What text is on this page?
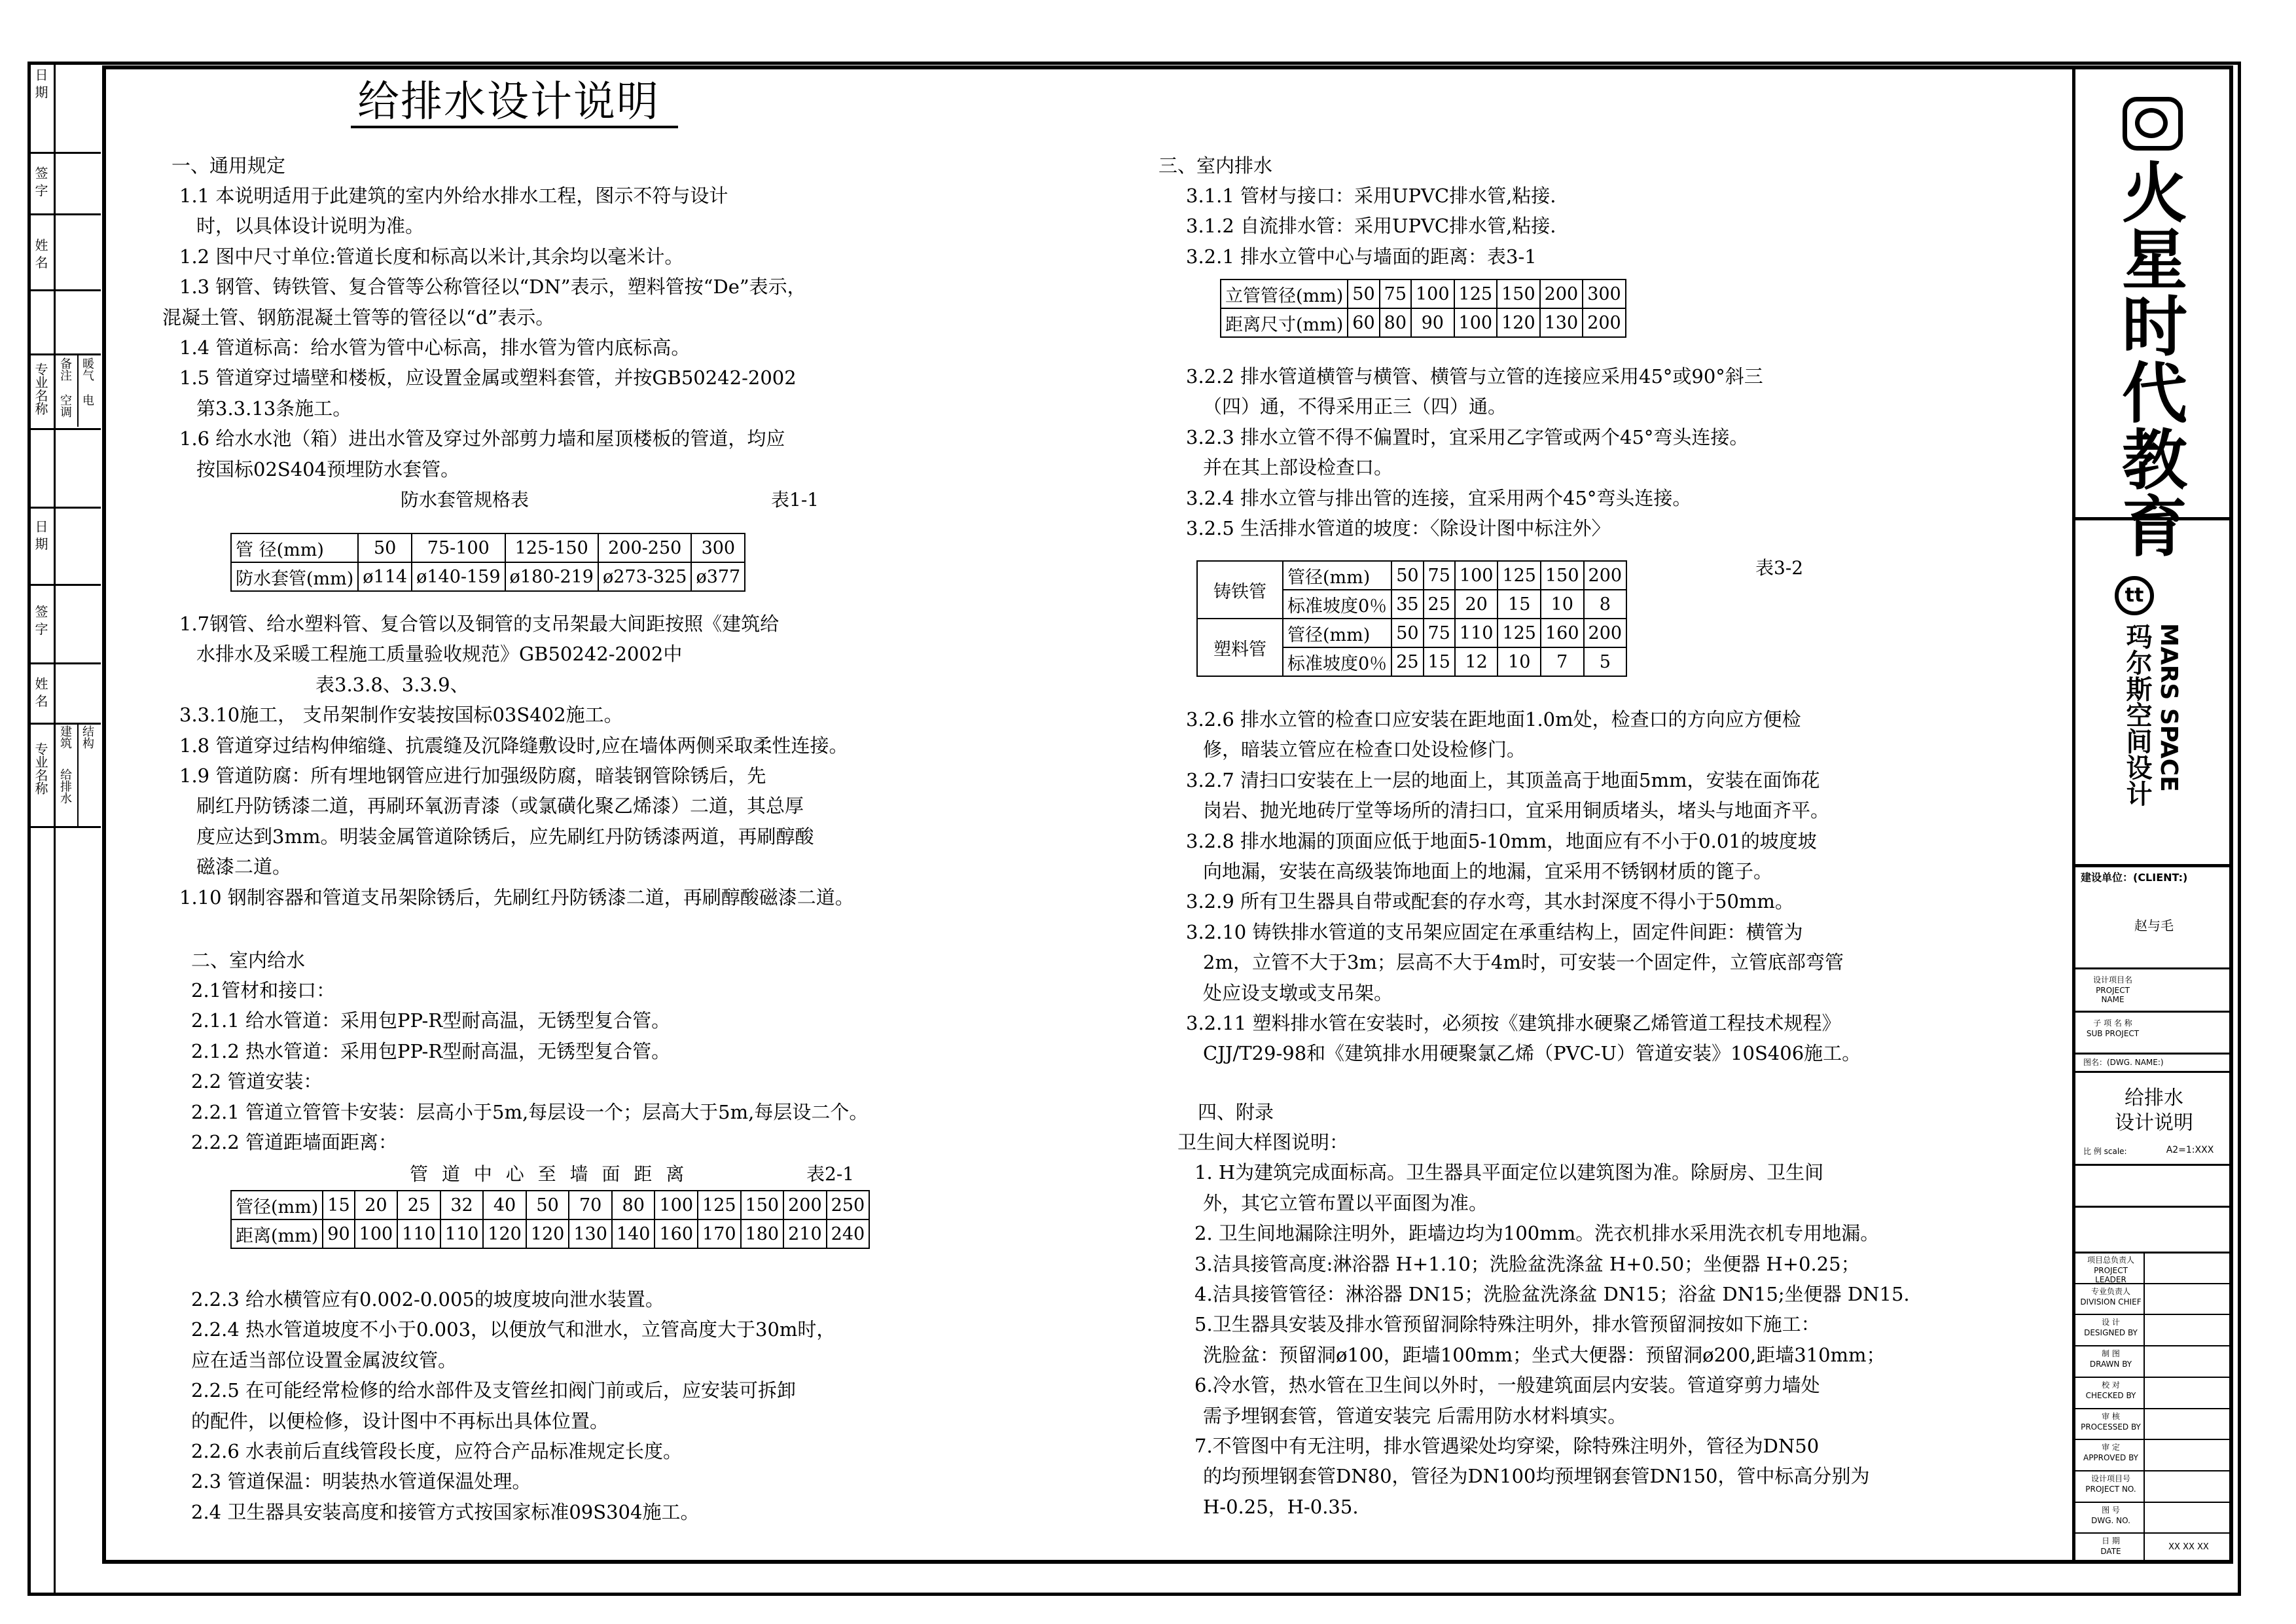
日 期
签 字
姓 名
专业名称 备注 暖气
空调 电
日 期
签 字
姓 名
专业名称
建筑 结构
给排水
给排水设计说明
一、通用规定
1.1 本说明适用于此建筑的室内外给水排水工程，图示不符与设计
时，以具体设计说明为准。
1.2 图中尺寸单位:管道长度和标高以米计,其余均以毫米计。
1.3 钢管、铸铁管、复合管等公称管径以“DN”表示，塑料管按“De”表示，
混凝土管、钢筋混凝土管等的管径以“d”表示。
1.4 管道标高：给水管为管中心标高，排水管为管内底标高。
1.5 管道穿过墙壁和楼板，应设置金属或塑料套管，并按GB50242-2002
第3.3.13条施工。
1.6 给水水池（箱）进出水管及穿过外部剪力墙和屋顶楼板的管道，均应
按国标02S404预埋防水套管。
防水套管规格表	表1-1
管 径(mm)	50	75-100	125-150	200-250	300
防水套管(mm)	ø114	ø140-159	ø180-219	ø273-325	ø377
1.7钢管、给水塑料管、复合管以及铜管的支吊架最大间距按照《建筑给
水排水及采暖工程施工质量验收规范》GB50242-2002中
表3.3.8、3.3.9、
3.3.10施工， 支吊架制作安装按国标03S402施工。
1.8 管道穿过结构伸缩缝、抗震缝及沉降缝敷设时,应在墙体两侧采取柔性连接。
1.9 管道防腐：所有埋地钢管应进行加强级防腐，暗装钢管除锈后，先
刷红丹防锈漆二道，再刷环氧沥青漆（或氯磺化聚乙烯漆）二道，其总厚
度应达到3mm。明装金属管道除锈后，应先刷红丹防锈漆两道，再刷醇酸
磁漆二道。
1.10 钢制容器和管道支吊架除锈后，先刷红丹防锈漆二道，再刷醇酸磁漆二道。
二、室内给水
2.1管材和接口：
2.1.1 给水管道：采用包PP-R型耐高温，无锈型复合管。
2.1.2 热水管道：采用包PP-R型耐高温，无锈型复合管。
2.2 管道安装：
2.2.1 管道立管管卡安装：层高小于5m,每层设一个；层高大于5m,每层设二个。
2.2.2 管道距墙面距离：
管 道 中 心 至 墙 面 距 离	表2-1
管径(mm)	15	20	25	32	40	50	70	80	100	125	150	200	250
距离(mm)	90	100	110	110	120	120	130	140	160	170	180	210	240
2.2.3 给水横管应有0.002-0.005的坡度坡向泄水装置。
2.2.4 热水管道坡度不小于0.003，以便放气和泄水，立管高度大于30m时，
应在适当部位设置金属波纹管。
2.2.5 在可能经常检修的给水部件及支管丝扣阀门前或后，应安装可拆卸
的配件，以便检修，设计图中不再标出具体位置。
2.2.6 水表前后直线管段长度，应符合产品标准规定长度。
2.3 管道保温：明装热水管道保温处理。
2.4 卫生器具安装高度和接管方式按国家标准09S304施工。
三、室内排水
3.1.1 管材与接口：采用UPVC排水管,粘接.
3.1.2 自流排水管：采用UPVC排水管,粘接.
3.2.1 排水立管中心与墙面的距离：表3-1
立管管径(mm)	50	75	100	125	150	200	300
距离尺寸(mm)	60	80	90	100	120	130	200
3.2.2 排水管道横管与横管、横管与立管的连接应采用45°或90°斜三
（四）通，不得采用正三（四）通。
3.2.3 排水立管不得不偏置时，宜采用乙字管或两个45°弯头连接。
并在其上部设检查口。
3.2.4 排水立管与排出管的连接，宜采用两个45°弯头连接。
3.2.5 生活排水管道的坡度：〈除设计图中标注外〉
铸铁管	管径(mm)	50	75	100	125	150	200
	标准坡度0％	35	25	20	15	10	8
塑料管	管径(mm)	50	75	110	125	160	200
	标准坡度0％	25	15	12	10	7	5
表3-2
3.2.6 排水立管的检查口应安装在距地面1.0m处，检查口的方向应方便检
修，暗装立管应在检查口处设检修门。
3.2.7 清扫口安装在上一层的地面上，其顶盖高于地面5mm，安装在面饰花
岗岩、抛光地砖厅堂等场所的清扫口，宜采用铜质堵头，堵头与地面齐平。
3.2.8 排水地漏的顶面应低于地面5-10mm，地面应有不小于0.01的坡度坡
向地漏，安装在高级装饰地面上的地漏，宜采用不锈钢材质的篦子。
3.2.9 所有卫生器具自带或配套的存水弯，其水封深度不得小于50mm。
3.2.10 铸铁排水管道的支吊架应固定在承重结构上，固定件间距：横管为
2m，立管不大于3m；层高不大于4m时，可安装一个固定件，立管底部弯管
处应设支墩或支吊架。
3.2.11 塑料排水管在安装时，必须按《建筑排水硬聚乙烯管道工程技术规程》
CJJ/T29-98和《建筑排水用硬聚氯乙烯（PVC-U）管道安装》10S406施工。
四、附录
卫生间大样图说明：
1. H为建筑完成面标高。卫生器具平面定位以建筑图为准。除厨房、卫生间
外，其它立管布置以平面图为准。
2. 卫生间地漏除注明外，距墙边均为100mm。洗衣机排水采用洗衣机专用地漏。
3.洁具接管高度:淋浴器 H+1.10；洗脸盆洗涤盆 H+0.50；坐便器 H+0.25；
4.洁具接管管径：淋浴器 DN15；洗脸盆洗涤盆 DN15；浴盆 DN15;坐便器 DN15.
5.卫生器具安装及排水管预留洞除特殊注明外，排水管预留洞按如下施工：
洗脸盆：预留洞ø100，距墙100mm；坐式大便器：预留洞ø200,距墙310mm；
6.冷水管，热水管在卫生间以外时，一般建筑面层内安装。管道穿剪力墙处
需予埋钢套管，管道安装完 后需用防水材料填实。
7.不管图中有无注明，排水管遇梁处均穿梁，除特殊注明外，管径为DN50
的均预埋钢套管DN80，管径为DN100均预埋钢套管DN150，管中标高分别为
H-0.25，H-0.35.
火星时代教育
tt
MARS SPACE
玛尔斯空间设计
建设单位：(CLIENT:)
赵与毛
设计项目名
PROJECT NAME
子 项 名 称
SUB PROJECT
图名：(DWG. NAME:)
给排水
设计说明
比 例 scale:	A2=1:XXX
项目总负责人
PROJECT LEADER
专业负责人
DIVISION CHIEF
设 计
DESIGNED BY
制 图
DRAWN BY
校 对
CHECKED BY
审 核
PROCESSED BY
审 定
APPROVED BY
设计项目号
PROJECT NO.
图 号
DWG. NO.
日 期
DATE	XX XX XX
